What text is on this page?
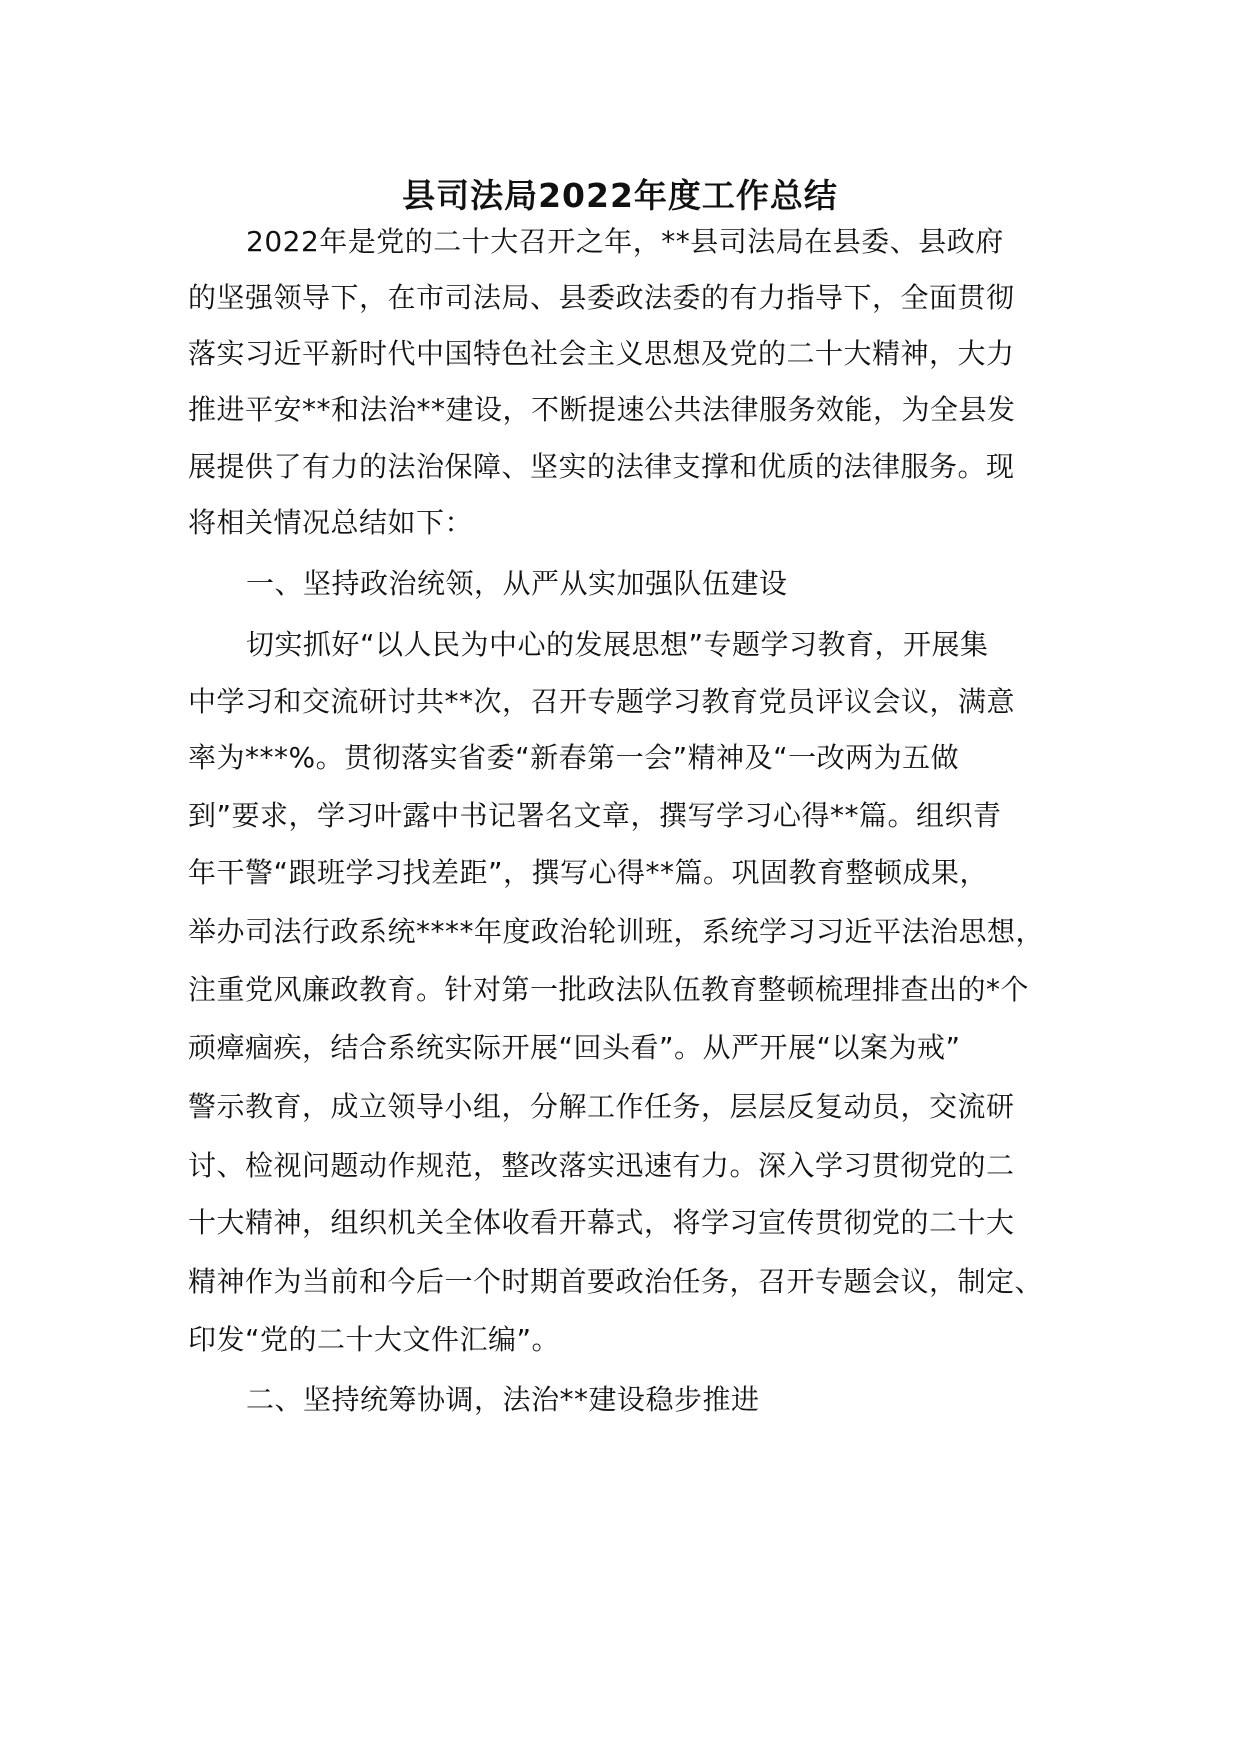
县司法局2022年度工作总结

2022年是党的二十大召开之年，**县司法局在县委、县政府

的坚强领导下，在市司法局、县委政法委的有力指导下，全面贯彻

落实习近平新时代中国特色社会主义思想及党的二十大精神，大力

推进平安**和法治**建设，不断提速公共法律服务效能，为全县发

展提供了有力的法治保障、坚实的法律支撑和优质的法律服务。现

将相关情况总结如下：

一、坚持政治统领，从严从实加强队伍建设

切实抓好“以人民为中心的发展思想”专题学习教育，开展集

中学习和交流研讨共**次，召开专题学习教育党员评议会议，满意

率为***%。贯彻落实省委“新春第一会”精神及“一改两为五做

到”要求，学习叶露中书记署名文章，撰写学习心得**篇。组织青

年干警“跟班学习找差距”，撰写心得**篇。巩固教育整顿成果，

举办司法行政系统****年度政治轮训班，系统学习习近平法治思想，

注重党风廉政教育。针对第一批政法队伍教育整顿梳理排查出的*个

顽瘴痼疾，结合系统实际开展“回头看”。从严开展“以案为戒”

警示教育，成立领导小组，分解工作任务，层层反复动员，交流研

讨、检视问题动作规范，整改落实迅速有力。深入学习贯彻党的二

十大精神，组织机关全体收看开幕式，将学习宣传贯彻党的二十大

精神作为当前和今后一个时期首要政治任务，召开专题会议，制定、

印发“党的二十大文件汇编”。

二、坚持统筹协调，法治**建设稳步推进
